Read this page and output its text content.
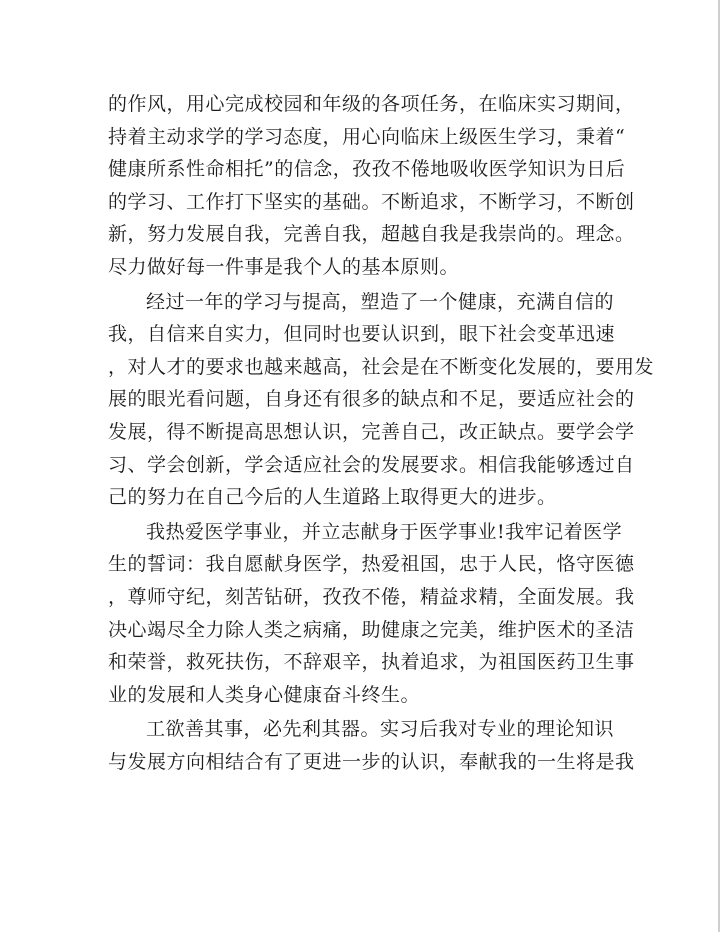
的作风，用心完成校园和年级的各项任务，在临床实习期间，
持着主动求学的学习态度，用心向临床上级医生学习，秉着“
健康所系性命相托”的信念，孜孜不倦地吸收医学知识为日后
的学习、工作打下坚实的基础。不断追求，不断学习，不断创
新，努力发展自我，完善自我，超越自我是我崇尚的。理念。
尽力做好每一件事是我个人的基本原则。
经过一年的学习与提高，塑造了一个健康，充满自信的
我，自信来自实力，但同时也要认识到，眼下社会变革迅速
，对人才的要求也越来越高，社会是在不断变化发展的，要用发
展的眼光看问题，自身还有很多的缺点和不足，要适应社会的
发展，得不断提高思想认识，完善自己，改正缺点。要学会学
习、学会创新，学会适应社会的发展要求。相信我能够透过自
己的努力在自己今后的人生道路上取得更大的进步。
我热爱医学事业，并立志献身于医学事业!我牢记着医学
生的誓词：我自愿献身医学，热爱祖国，忠于人民，恪守医德
，尊师守纪，刻苦钻研，孜孜不倦，精益求精，全面发展。我
决心竭尽全力除人类之病痛，助健康之完美，维护医术的圣洁
和荣誉，救死扶伤，不辞艰辛，执着追求，为祖国医药卫生事
业的发展和人类身心健康奋斗终生。
工欲善其事，必先利其器。实习后我对专业的理论知识
与发展方向相结合有了更进一步的认识，奉献我的一生将是我
